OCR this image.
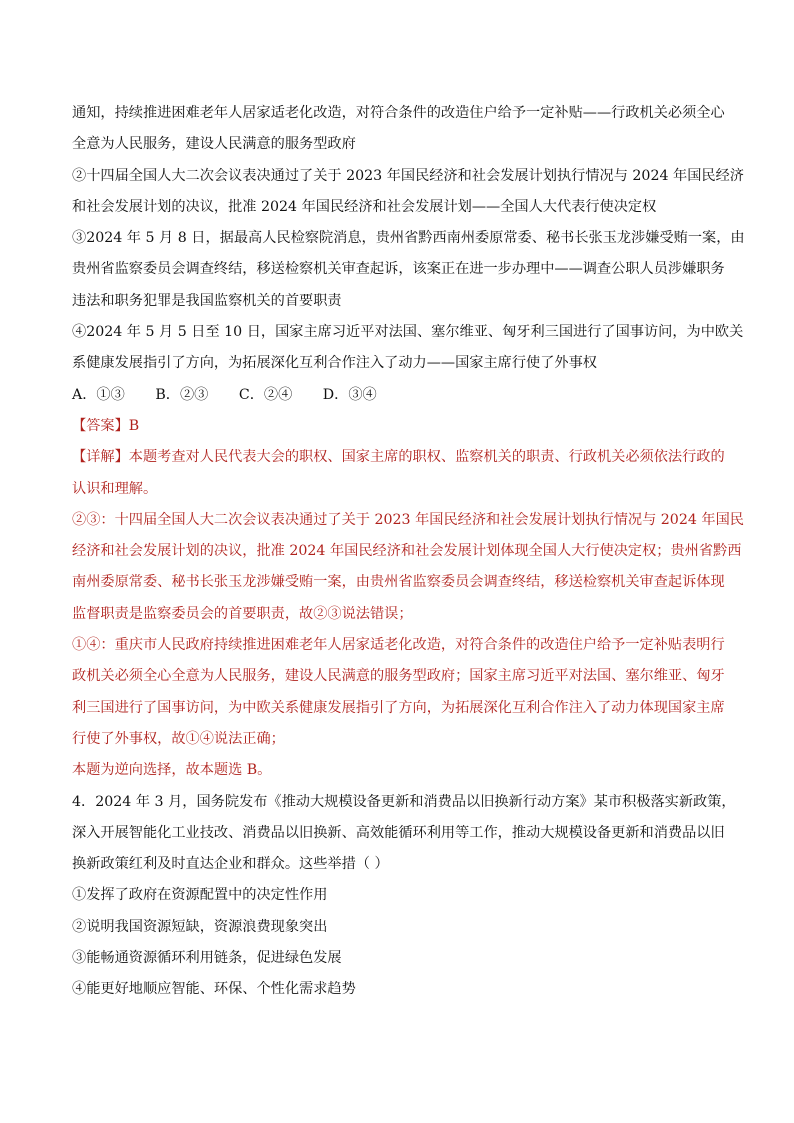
通知，持续推进困难老年人居家适老化改造，对符合条件的改造住户给予一定补贴——行政机关必须全心
全意为人民服务，建设人民满意的服务型政府
②十四届全国人大二次会议表决通过了关于 2023 年国民经济和社会发展计划执行情况与 2024 年国民经济
和社会发展计划的决议，批准 2024 年国民经济和社会发展计划——全国人大代表行使决定权
③2024 年 5 月 8 日，据最高人民检察院消息，贵州省黔西南州委原常委、秘书长张玉龙涉嫌受贿一案，由
贵州省监察委员会调查终结，移送检察机关审查起诉，该案正在进一步办理中——调查公职人员涉嫌职务
违法和职务犯罪是我国监察机关的首要职责
④2024 年 5 月 5 日至 10 日，国家主席习近平对法国、塞尔维亚、匈牙利三国进行了国事访问，为中欧关
系健康发展指引了方向，为拓展深化互利合作注入了动力——国家主席行使了外事权
A．①③ B．②③ C．②④ D．③④
【答案】B
【详解】本题考查对人民代表大会的职权、国家主席的职权、监察机关的职责、行政机关必须依法行政的
认识和理解。
②③：十四届全国人大二次会议表决通过了关于 2023 年国民经济和社会发展计划执行情况与 2024 年国民
经济和社会发展计划的决议，批准 2024 年国民经济和社会发展计划体现全国人大行使决定权；贵州省黔西
南州委原常委、秘书长张玉龙涉嫌受贿一案，由贵州省监察委员会调查终结，移送检察机关审查起诉体现
监督职责是监察委员会的首要职责，故②③说法错误；
①④：重庆市人民政府持续推进困难老年人居家适老化改造，对符合条件的改造住户给予一定补贴表明行
政机关必须全心全意为人民服务，建设人民满意的服务型政府；国家主席习近平对法国、塞尔维亚、匈牙
利三国进行了国事访问，为中欧关系健康发展指引了方向，为拓展深化互利合作注入了动力体现国家主席
行使了外事权，故①④说法正确；
本题为逆向选择，故本题选 B。
4．2024 年 3 月，国务院发布《推动大规模设备更新和消费品以旧换新行动方案》某市积极落实新政策，
深入开展智能化工业技改、消费品以旧换新、高效能循环利用等工作，推动大规模设备更新和消费品以旧
换新政策红利及时直达企业和群众。这些举措（ ）
①发挥了政府在资源配置中的决定性作用
②说明我国资源短缺，资源浪费现象突出
③能畅通资源循环利用链条，促进绿色发展
④能更好地顺应智能、环保、个性化需求趋势
